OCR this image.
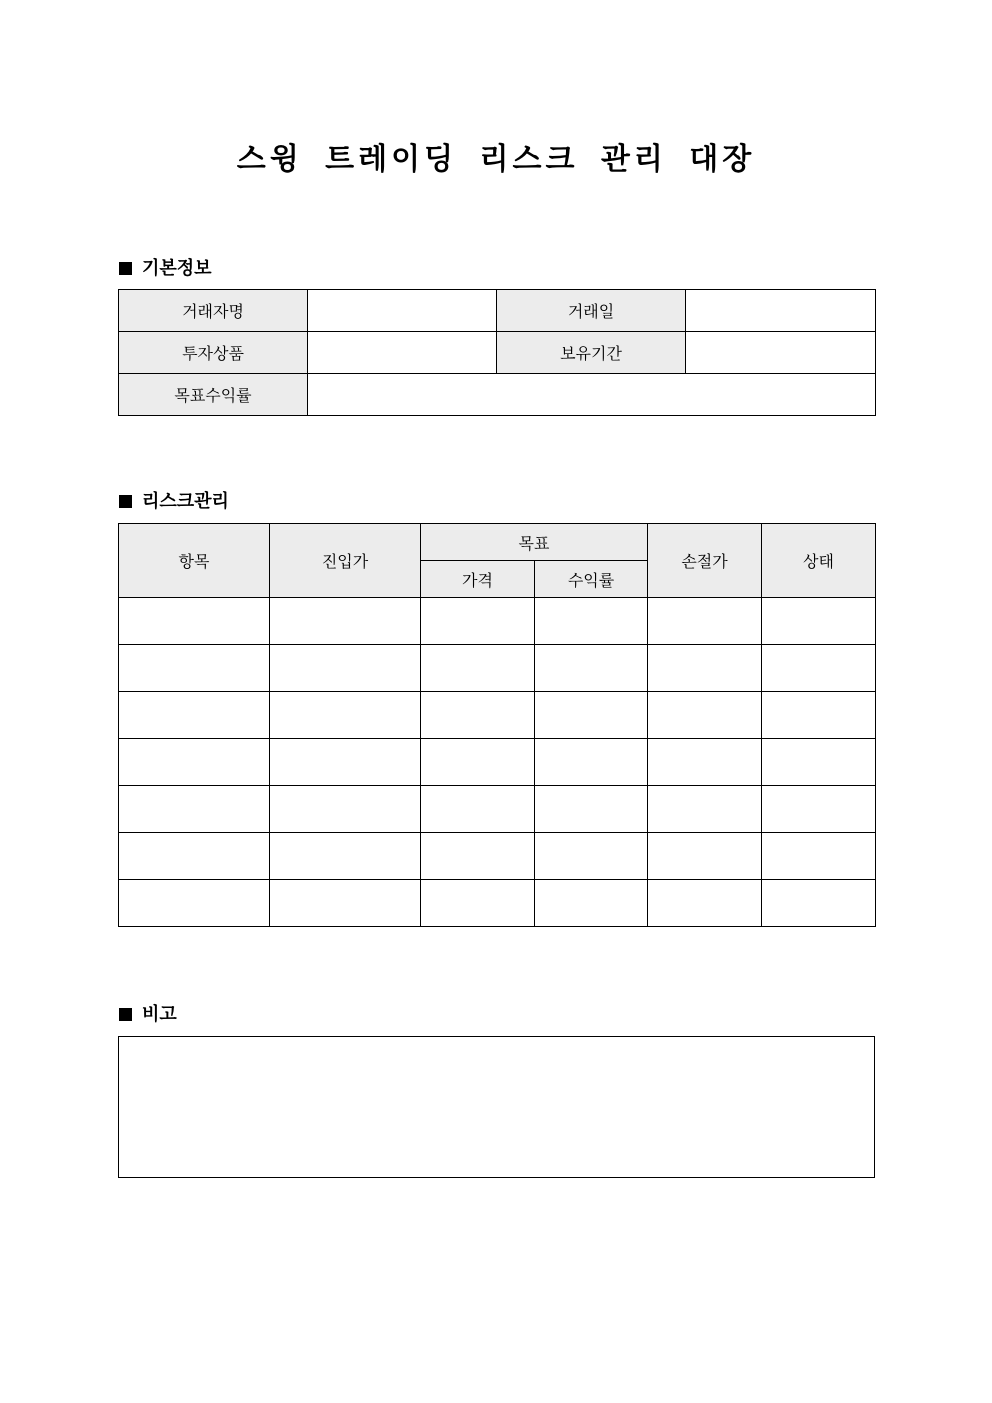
스윙 트레이딩 리스크 관리 대장
기본정보
거래자명		거래일	
투자상품		보유기간	
목표수익률			
리스크관리
항목	진입가	목표		손절가	상태
		가격	수익률		

비고
